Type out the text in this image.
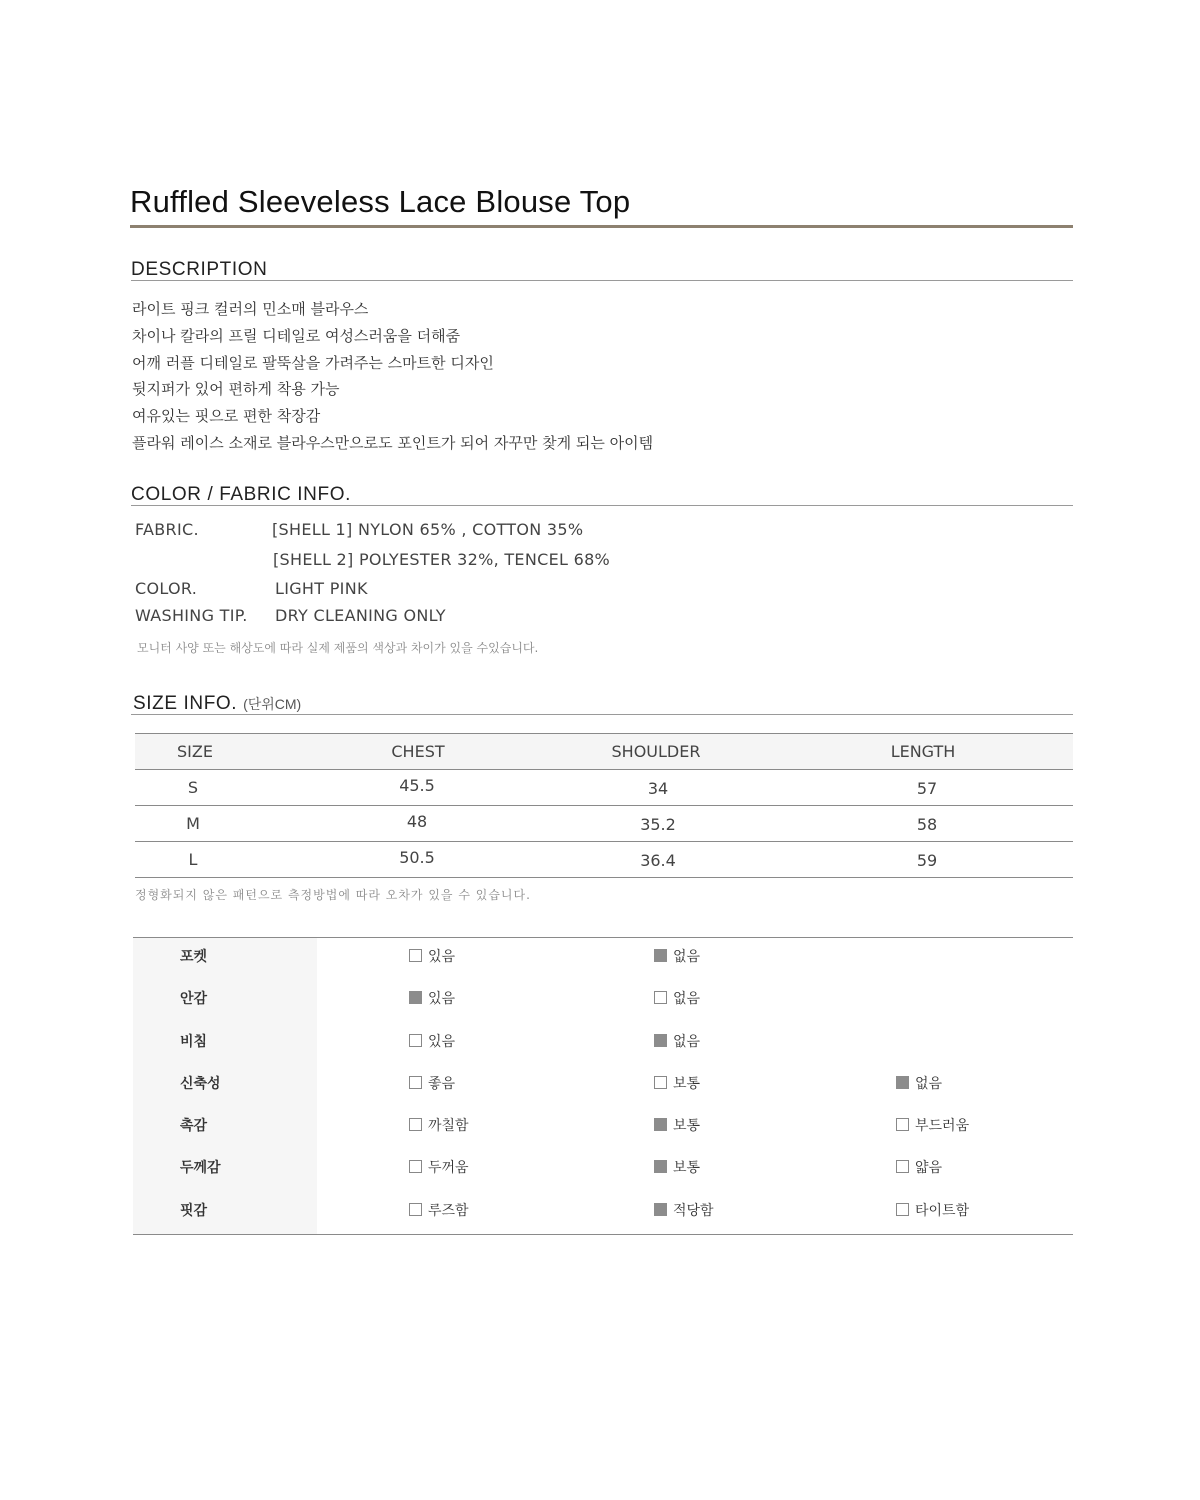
Ruffled Sleeveless Lace Blouse Top
DESCRIPTION
라이트 핑크 컬러의 민소매 블라우스
차이나 칼라의 프릴 디테일로 여성스러움을 더해줌
어깨 러플 디테일로 팔뚝살을 가려주는 스마트한 디자인
뒷지퍼가 있어 편하게 착용 가능
여유있는 핏으로 편한 착장감
플라워 레이스 소재로 블라우스만으로도 포인트가 되어 자꾸만 찾게 되는 아이템
COLOR / FABRIC INFO.
FABRIC.	[SHELL 1] NYLON 65% , COTTON 35%
[SHELL 2] POLYESTER 32%, TENCEL 68%
COLOR.	LIGHT PINK
WASHING TIP. DRY CLEANING ONLY
모니터 사양 또는 해상도에 따라 실제 제품의 색상과 차이가 있을 수있습니다.
SIZE INFO. (단위CM)
SIZE	CHEST	SHOULDER	LENGTH
S	45.5	34	57
M	48	35.2	58
L	50.5	36.4	59
정형화되지 않은 패턴으로 측정방법에 따라 오차가 있을 수 있습니다.
포켓	있음	없음
안감	있음	없음
비침	있음	없음
신축성	좋음	보통	없음
촉감	까칠함	보통	부드러움
두께감	두꺼움	보통	얇음
핏감	루즈함	적당함	타이트함
